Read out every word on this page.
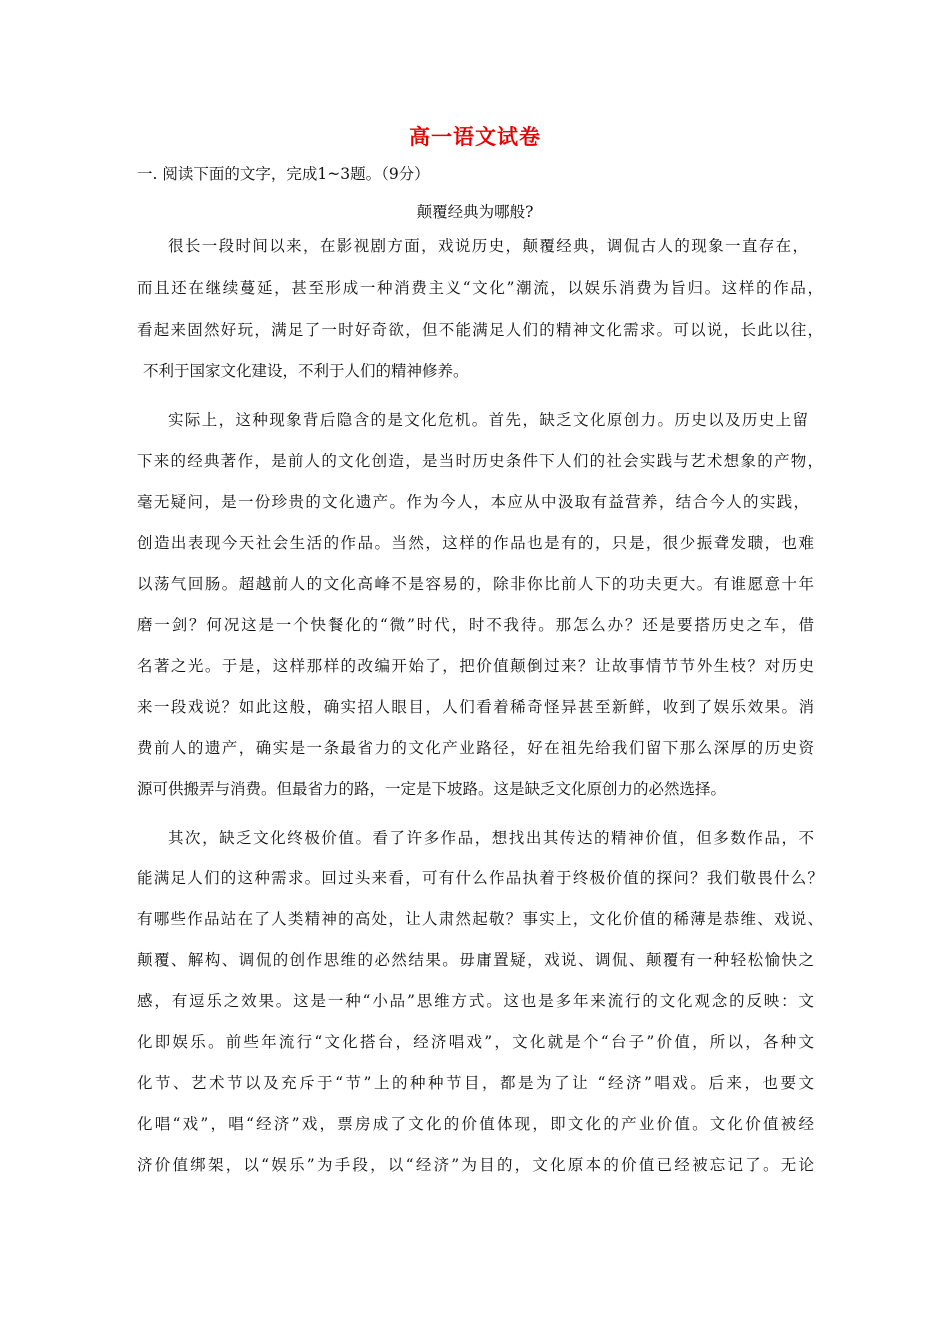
高一语文试卷
一. 阅读下面的文字，完成1~3题。（9分）
颠覆经典为哪般?
很长一段时间以来，在影视剧方面，戏说历史，颠覆经典，调侃古人的现象一直存在，
而且还在继续蔓延，甚至形成一种消费主义“文化”潮流，以娱乐消费为旨归。这样的作品，
看起来固然好玩，满足了一时好奇欲，但不能满足人们的精神文化需求。可以说，长此以往，
不利于国家文化建设，不利于人们的精神修养。
实际上，这种现象背后隐含的是文化危机。首先，缺乏文化原创力。历史以及历史上留
下来的经典著作，是前人的文化创造，是当时历史条件下人们的社会实践与艺术想象的产物，
毫无疑问，是一份珍贵的文化遗产。作为今人，本应从中汲取有益营养，结合今人的实践，
创造出表现今天社会生活的作品。当然，这样的作品也是有的，只是，很少振聋发聩，也难
以荡气回肠。超越前人的文化高峰不是容易的，除非你比前人下的功夫更大。有谁愿意十年
磨一剑？何况这是一个快餐化的“微”时代，时不我待。那怎么办？还是要搭历史之车，借
名著之光。于是，这样那样的改编开始了，把价值颠倒过来？让故事情节节外生枝？对历史
来一段戏说？如此这般，确实招人眼目，人们看着稀奇怪异甚至新鲜，收到了娱乐效果。消
费前人的遗产，确实是一条最省力的文化产业路径，好在祖先给我们留下那么深厚的历史资
源可供搬弄与消费。但最省力的路，一定是下坡路。这是缺乏文化原创力的必然选择。
其次，缺乏文化终极价值。看了许多作品，想找出其传达的精神价值，但多数作品，不
能满足人们的这种需求。回过头来看，可有什么作品执着于终极价值的探问？我们敬畏什么？
有哪些作品站在了人类精神的高处，让人肃然起敬？事实上，文化价值的稀薄是恭维、戏说、
颠覆、解构、调侃的创作思维的必然结果。毋庸置疑，戏说、调侃、颠覆有一种轻松愉快之
感，有逗乐之效果。这是一种“小品”思维方式。这也是多年来流行的文化观念的反映：文
化即娱乐。前些年流行“文化搭台，经济唱戏”，文化就是个“台子”价值，所以，各种文
化节、艺术节以及充斥于“节”上的种种节目，都是为了让 “经济”唱戏。后来，也要文
化唱“戏”，唱“经济”戏，票房成了文化的价值体现，即文化的产业价值。文化价值被经
济价值绑架，以“娱乐”为手段，以“经济”为目的，文化原本的价值已经被忘记了。无论
